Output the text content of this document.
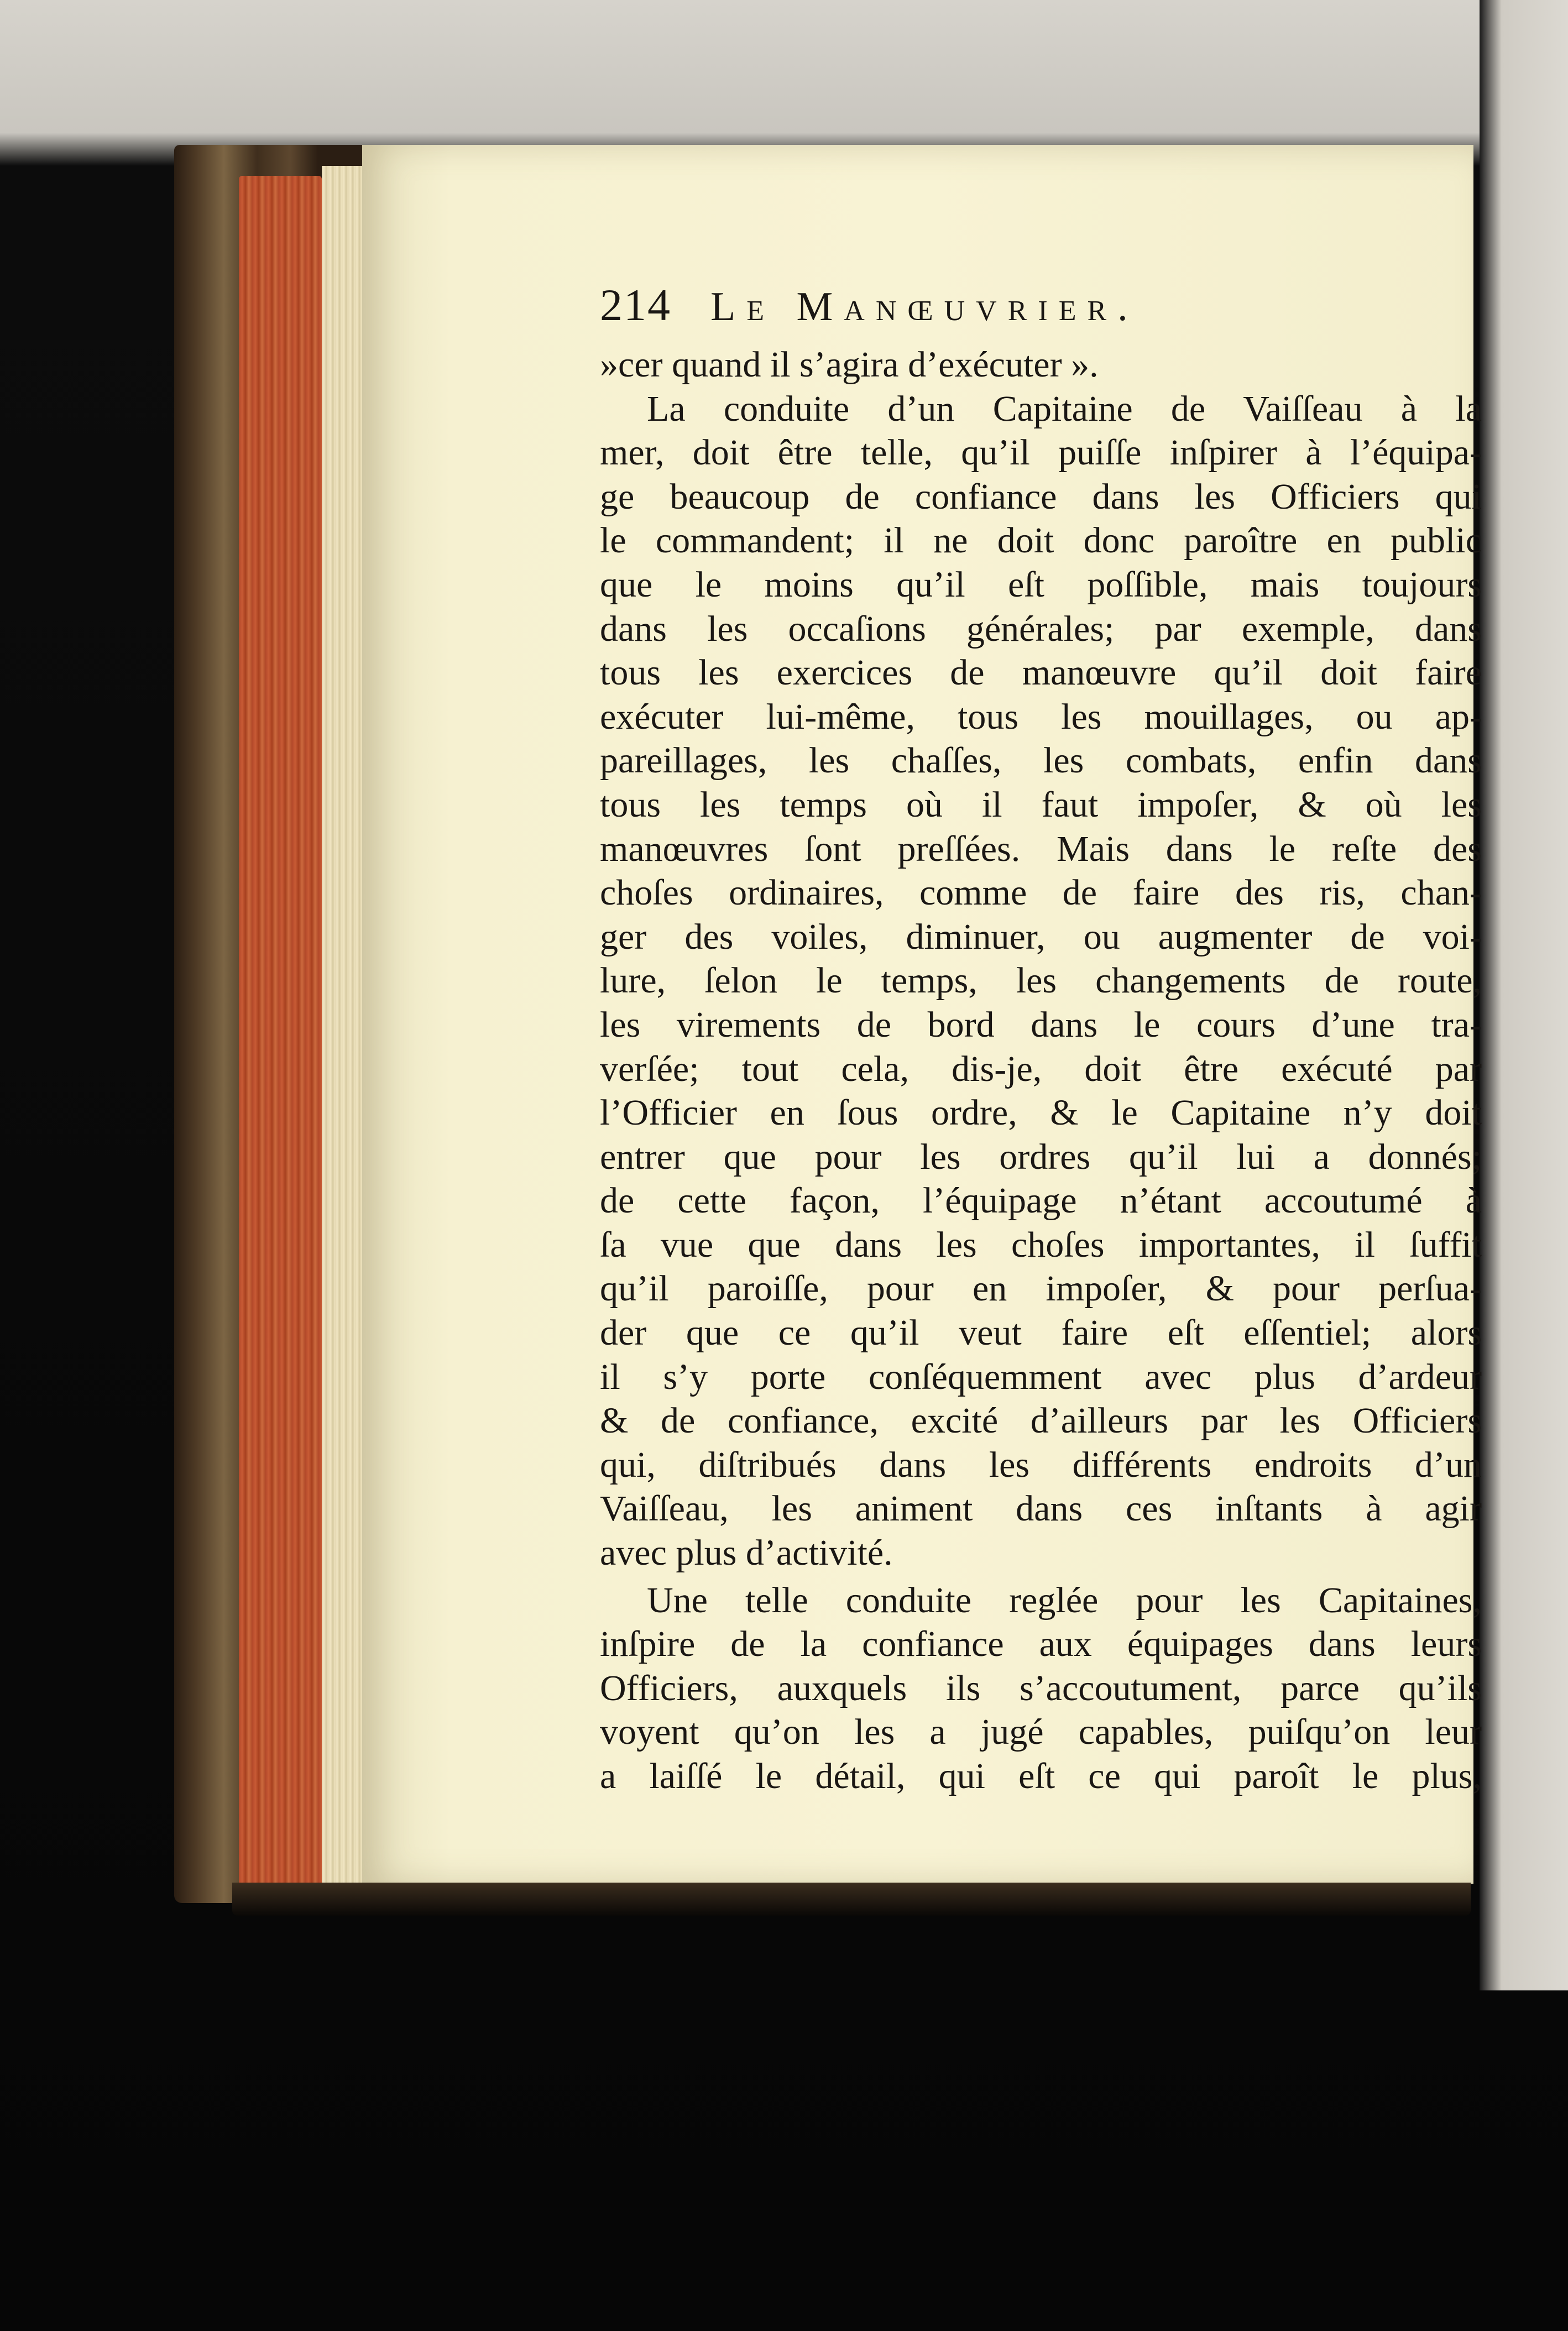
214 Le Manœuvrier.
»cer quand il s’agira d’exécuter ».
La conduite d’un Capitaine de Vaiſſeau à la
mer, doit être telle, qu’il puiſſe inſpirer à l’équipa-
ge beaucoup de confiance dans les Officiers qui
le commandent; il ne doit donc paroître en public
que le moins qu’il eſt poſſible, mais toujours
dans les occaſions générales; par exemple, dans
tous les exercices de manœuvre qu’il doit faire
exécuter lui-même, tous les mouillages, ou ap-
pareillages, les chaſſes, les combats, enfin dans
tous les temps où il faut impoſer, & où les
manœuvres ſont preſſées. Mais dans le reſte des
choſes ordinaires, comme de faire des ris, chan-
ger des voiles, diminuer, ou augmenter de voi-
lure, ſelon le temps, les changements de route,
les virements de bord dans le cours d’une tra-
verſée; tout cela, dis-je, doit être exécuté par
l’Officier en ſous ordre, & le Capitaine n’y doit
entrer que pour les ordres qu’il lui a donnés;
de cette façon, l’équipage n’étant accoutumé à
ſa vue que dans les choſes importantes, il ſuffit
qu’il paroiſſe, pour en impoſer, & pour perſua-
der que ce qu’il veut faire eſt eſſentiel; alors
il s’y porte conſéquemment avec plus d’ardeur
& de confiance, excité d’ailleurs par les Officiers
qui, diſtribués dans les différents endroits d’un
Vaiſſeau, les animent dans ces inſtants à agir
avec plus d’activité.
Une telle conduite reglée pour les Capitaines,
inſpire de la confiance aux équipages dans leurs
Officiers, auxquels ils s’accoutument, parce qu’ils
voyent qu’on les a jugé capables, puiſqu’on leur
a laiſſé le détail, qui eſt ce qui paroît le plus,
